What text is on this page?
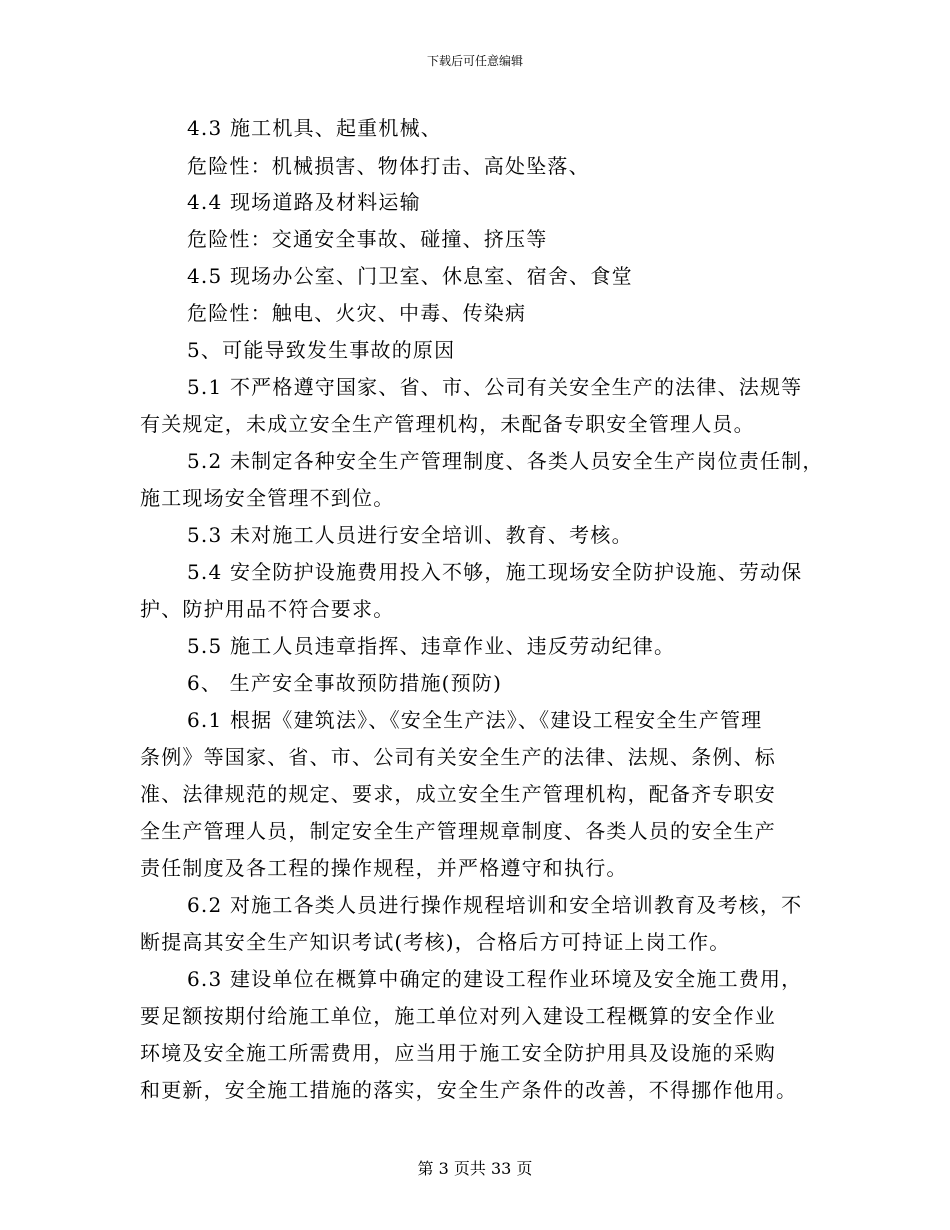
下载后可任意编辑
4.3 施工机具、起重机械、
危险性：机械损害、物体打击、高处坠落、
4.4 现场道路及材料运输
危险性：交通安全事故、碰撞、挤压等
4.5 现场办公室、门卫室、休息室、宿舍、食堂
危险性：触电、火灾、中毒、传染病
5、可能导致发生事故的原因
5.1 不严格遵守国家、省、市、公司有关安全生产的法律、法规等
有关规定，未成立安全生产管理机构，未配备专职安全管理人员。
5.2 未制定各种安全生产管理制度、各类人员安全生产岗位责任制，
施工现场安全管理不到位。
5.3 未对施工人员进行安全培训、教育、考核。
5.4 安全防护设施费用投入不够，施工现场安全防护设施、劳动保
护、防护用品不符合要求。
5.5 施工人员违章指挥、违章作业、违反劳动纪律。
6、 生产安全事故预防措施(预防)
6.1 根据《建筑法》、《安全生产法》、《建设工程安全生产管理
条例》等国家、省、市、公司有关安全生产的法律、法规、条例、标
准、法律规范的规定、要求，成立安全生产管理机构，配备齐专职安
全生产管理人员，制定安全生产管理规章制度、各类人员的安全生产
责任制度及各工程的操作规程，并严格遵守和执行。
6.2 对施工各类人员进行操作规程培训和安全培训教育及考核，不
断提高其安全生产知识考试(考核)，合格后方可持证上岗工作。
6.3 建设单位在概算中确定的建设工程作业环境及安全施工费用，
要足额按期付给施工单位，施工单位对列入建设工程概算的安全作业
环境及安全施工所需费用，应当用于施工安全防护用具及设施的采购
和更新，安全施工措施的落实，安全生产条件的改善，不得挪作他用。
第 3 页共 33 页
